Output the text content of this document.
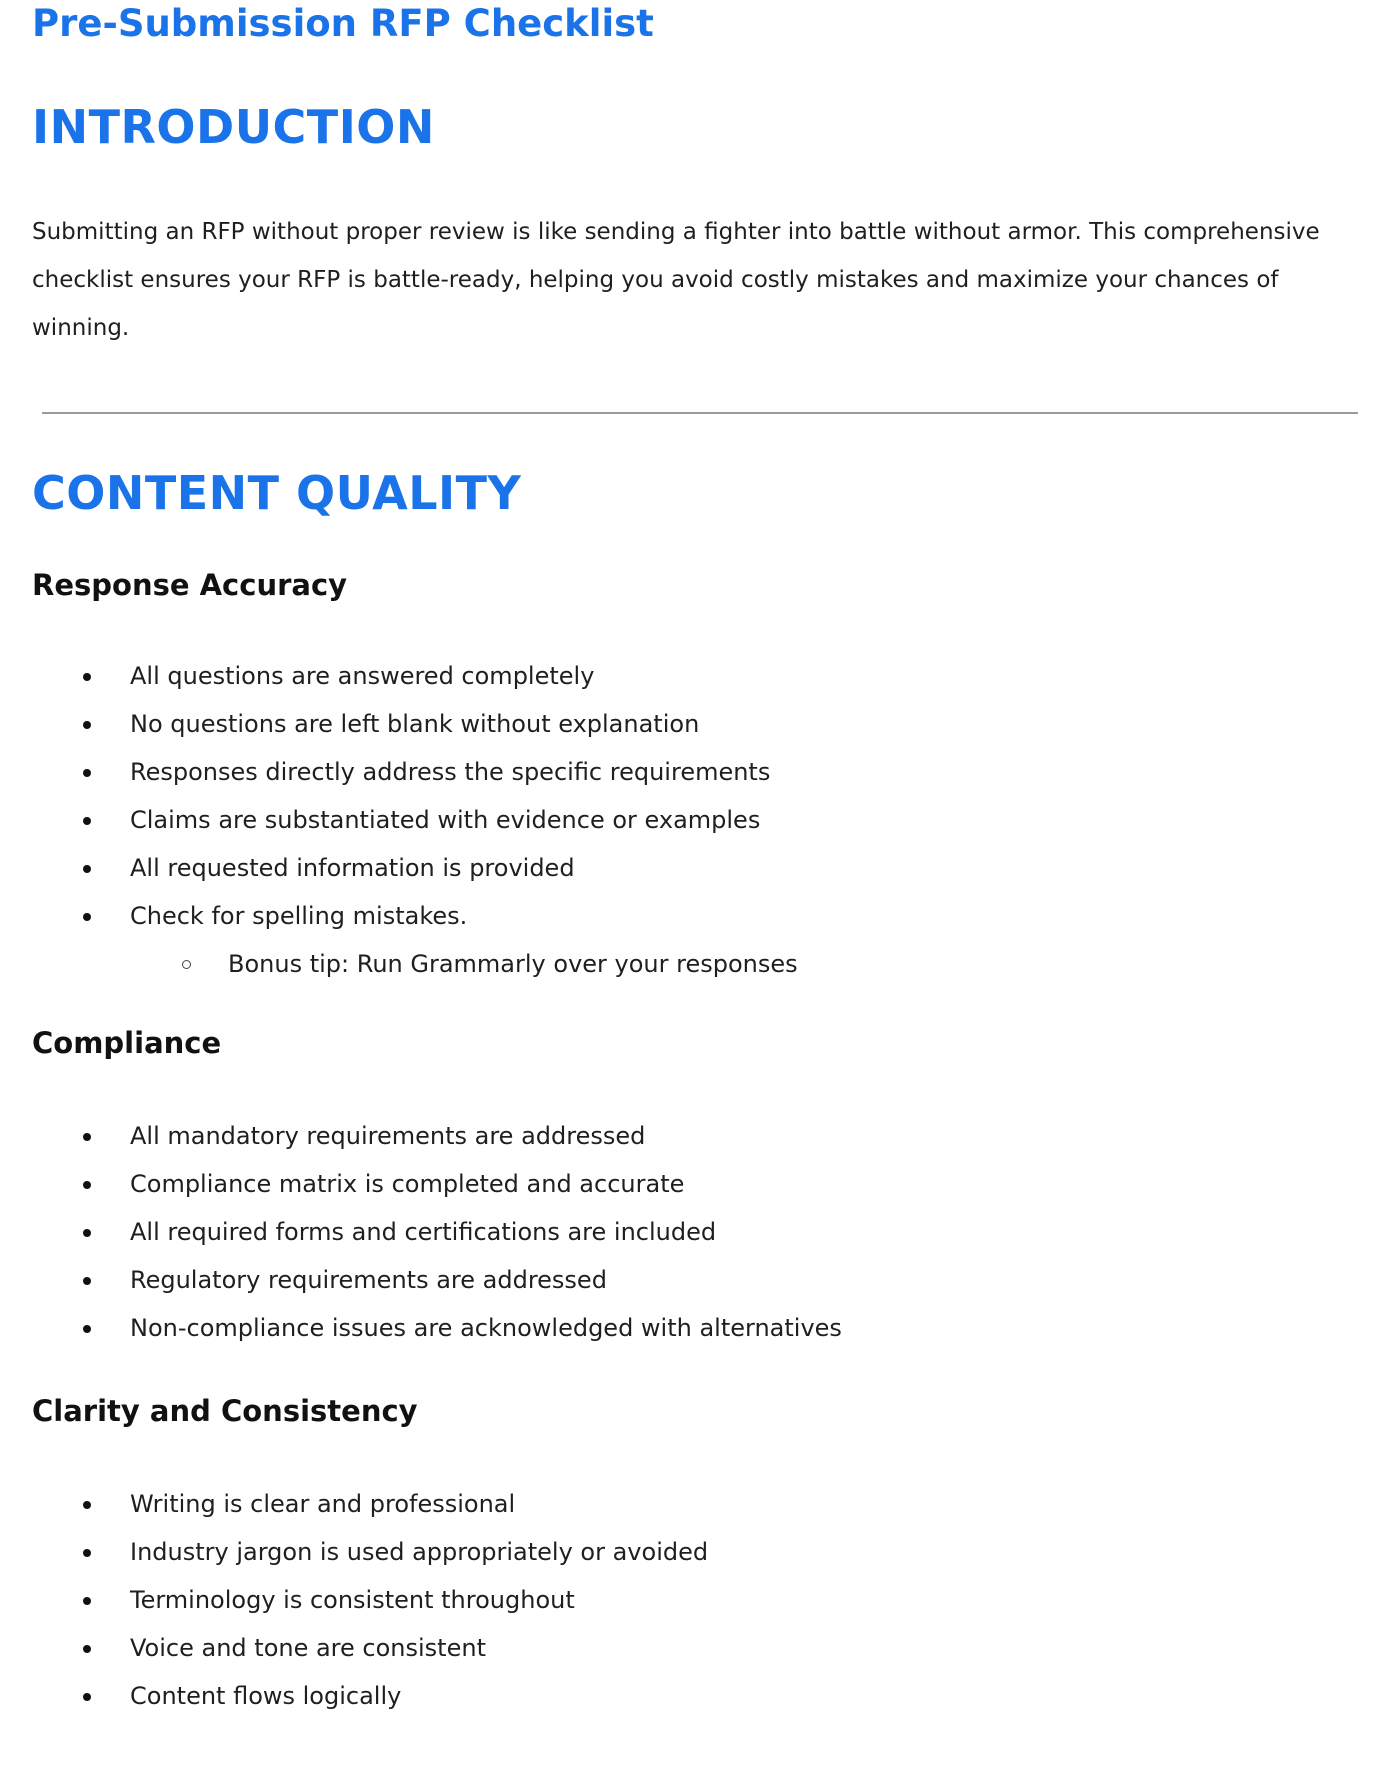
Pre-Submission RFP Checklist
INTRODUCTION

Submitting an RFP without proper review is like sending a fighter into battle without armor. This comprehensive checklist ensures your RFP is battle-ready, helping you avoid costly mistakes and maximize your chances of winning.

CONTENT QUALITY
Response Accuracy
All questions are answered completely
No questions are left blank without explanation
Responses directly address the specific requirements
Claims are substantiated with evidence or examples
All requested information is provided
Check for spelling mistakes.
Bonus tip: Run Grammarly over your responses
Compliance
All mandatory requirements are addressed
Compliance matrix is completed and accurate
All required forms and certifications are included
Regulatory requirements are addressed
Non-compliance issues are acknowledged with alternatives
Clarity and Consistency
Writing is clear and professional
Industry jargon is used appropriately or avoided
Terminology is consistent throughout
Voice and tone are consistent
Content flows logically
